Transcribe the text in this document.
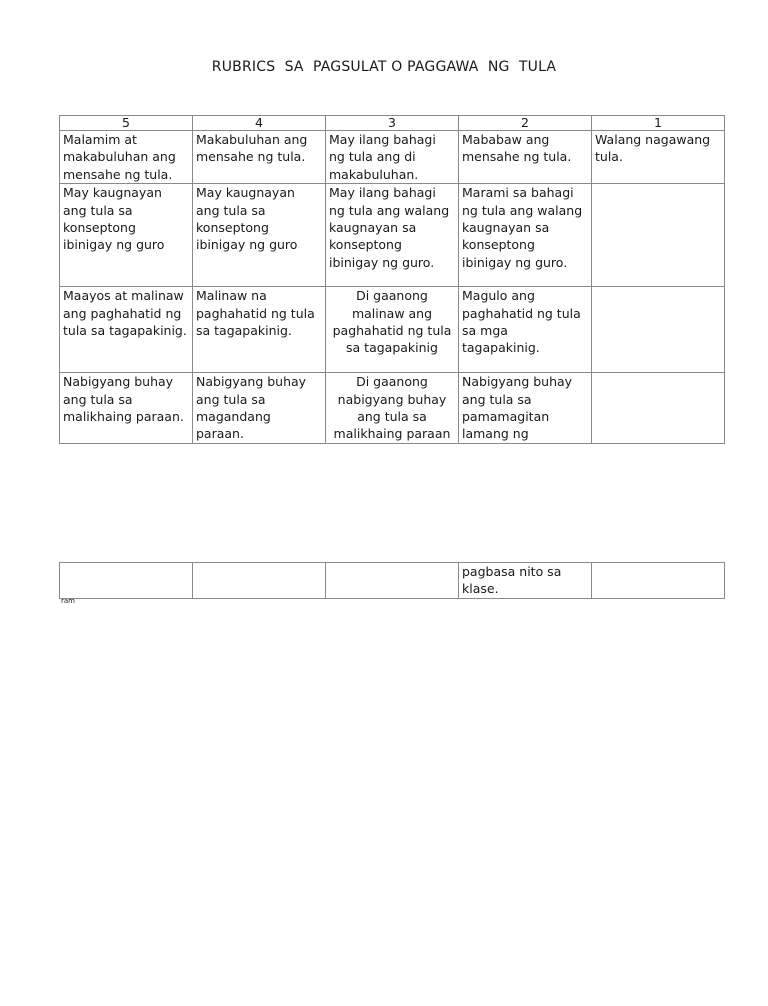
RUBRICS  SA  PAGSULAT O PAGGAWA  NG  TULA
5	4	3	2	1
Malamim at makabuluhan ang mensahe ng tula.	Makabuluhan ang mensahe ng tula.	May ilang bahagi ng tula ang di makabuluhan.	Mababaw ang mensahe ng tula.	Walang nagawang tula.
May kaugnayan ang tula sa konseptong ibinigay ng guro	May kaugnayan ang tula sa konseptong ibinigay ng guro	May ilang bahagi ng tula ang walang kaugnayan sa konseptong ibinigay ng guro.	Marami sa bahagi ng tula ang walang kaugnayan sa konseptong ibinigay ng guro.	
Maayos at malinaw ang paghahatid ng tula sa tagapakinig.	Malinaw na paghahatid ng tula sa tagapakinig.	Di gaanong malinaw ang paghahatid ng tula sa tagapakinig	Magulo ang paghahatid ng tula sa mga tagapakinig.	
Nabigyang buhay ang tula sa malikhaing paraan.	Nabigyang buhay ang tula sa magandang paraan.	Di gaanong nabigyang buhay ang tula sa malikhaing paraan	Nabigyang buhay ang tula sa pamamagitan lamang ng	
			pagbasa nito sa klase.	
ram
